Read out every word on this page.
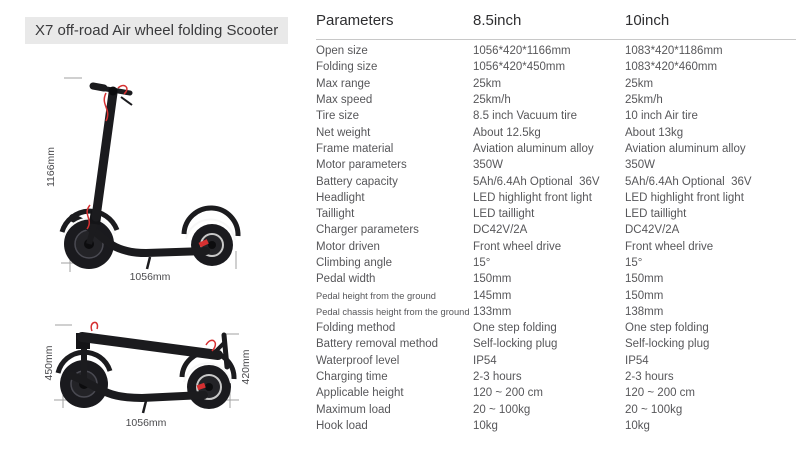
X7 off-road Air wheel folding Scooter
1166mm
1056mm
450mm	420mm
1056mm
Parameters	8.5inch	10inch
Open size	1056*420*1166mm	1083*420*1186mm
Folding size	1056*420*450mm	1083*420*460mm
Max range	25km	25km
Max speed	25km/h	25km/h
Tire size	8.5 inch Vacuum tire	10 inch Air tire
Net weight	About 12.5kg	About 13kg
Frame material	Aviation aluminum alloy	Aviation aluminum alloy
Motor parameters	350W	350W
Battery capacity	5Ah/6.4Ah Optional  36V	5Ah/6.4Ah Optional  36V
Headlight	LED highlight front light	LED highlight front light
Taillight	LED taillight	LED taillight
Charger parameters	DC42V/2A	DC42V/2A
Motor driven	Front wheel drive	Front wheel drive
Climbing angle	15°	15°
Pedal width	150mm	150mm
Pedal height from the ground	145mm	150mm
Pedal chassis height from the ground 133mm	138mm
Folding method	One step folding	One step folding
Battery removal method	Self-locking plug	Self-locking plug
Waterproof level	IP54	IP54
Charging time	2-3 hours	2-3 hours
Applicable height	120 ~ 200 cm	120 ~ 200 cm
Maximum load	20 ~ 100kg	20 ~ 100kg
Hook load	10kg	10kg
